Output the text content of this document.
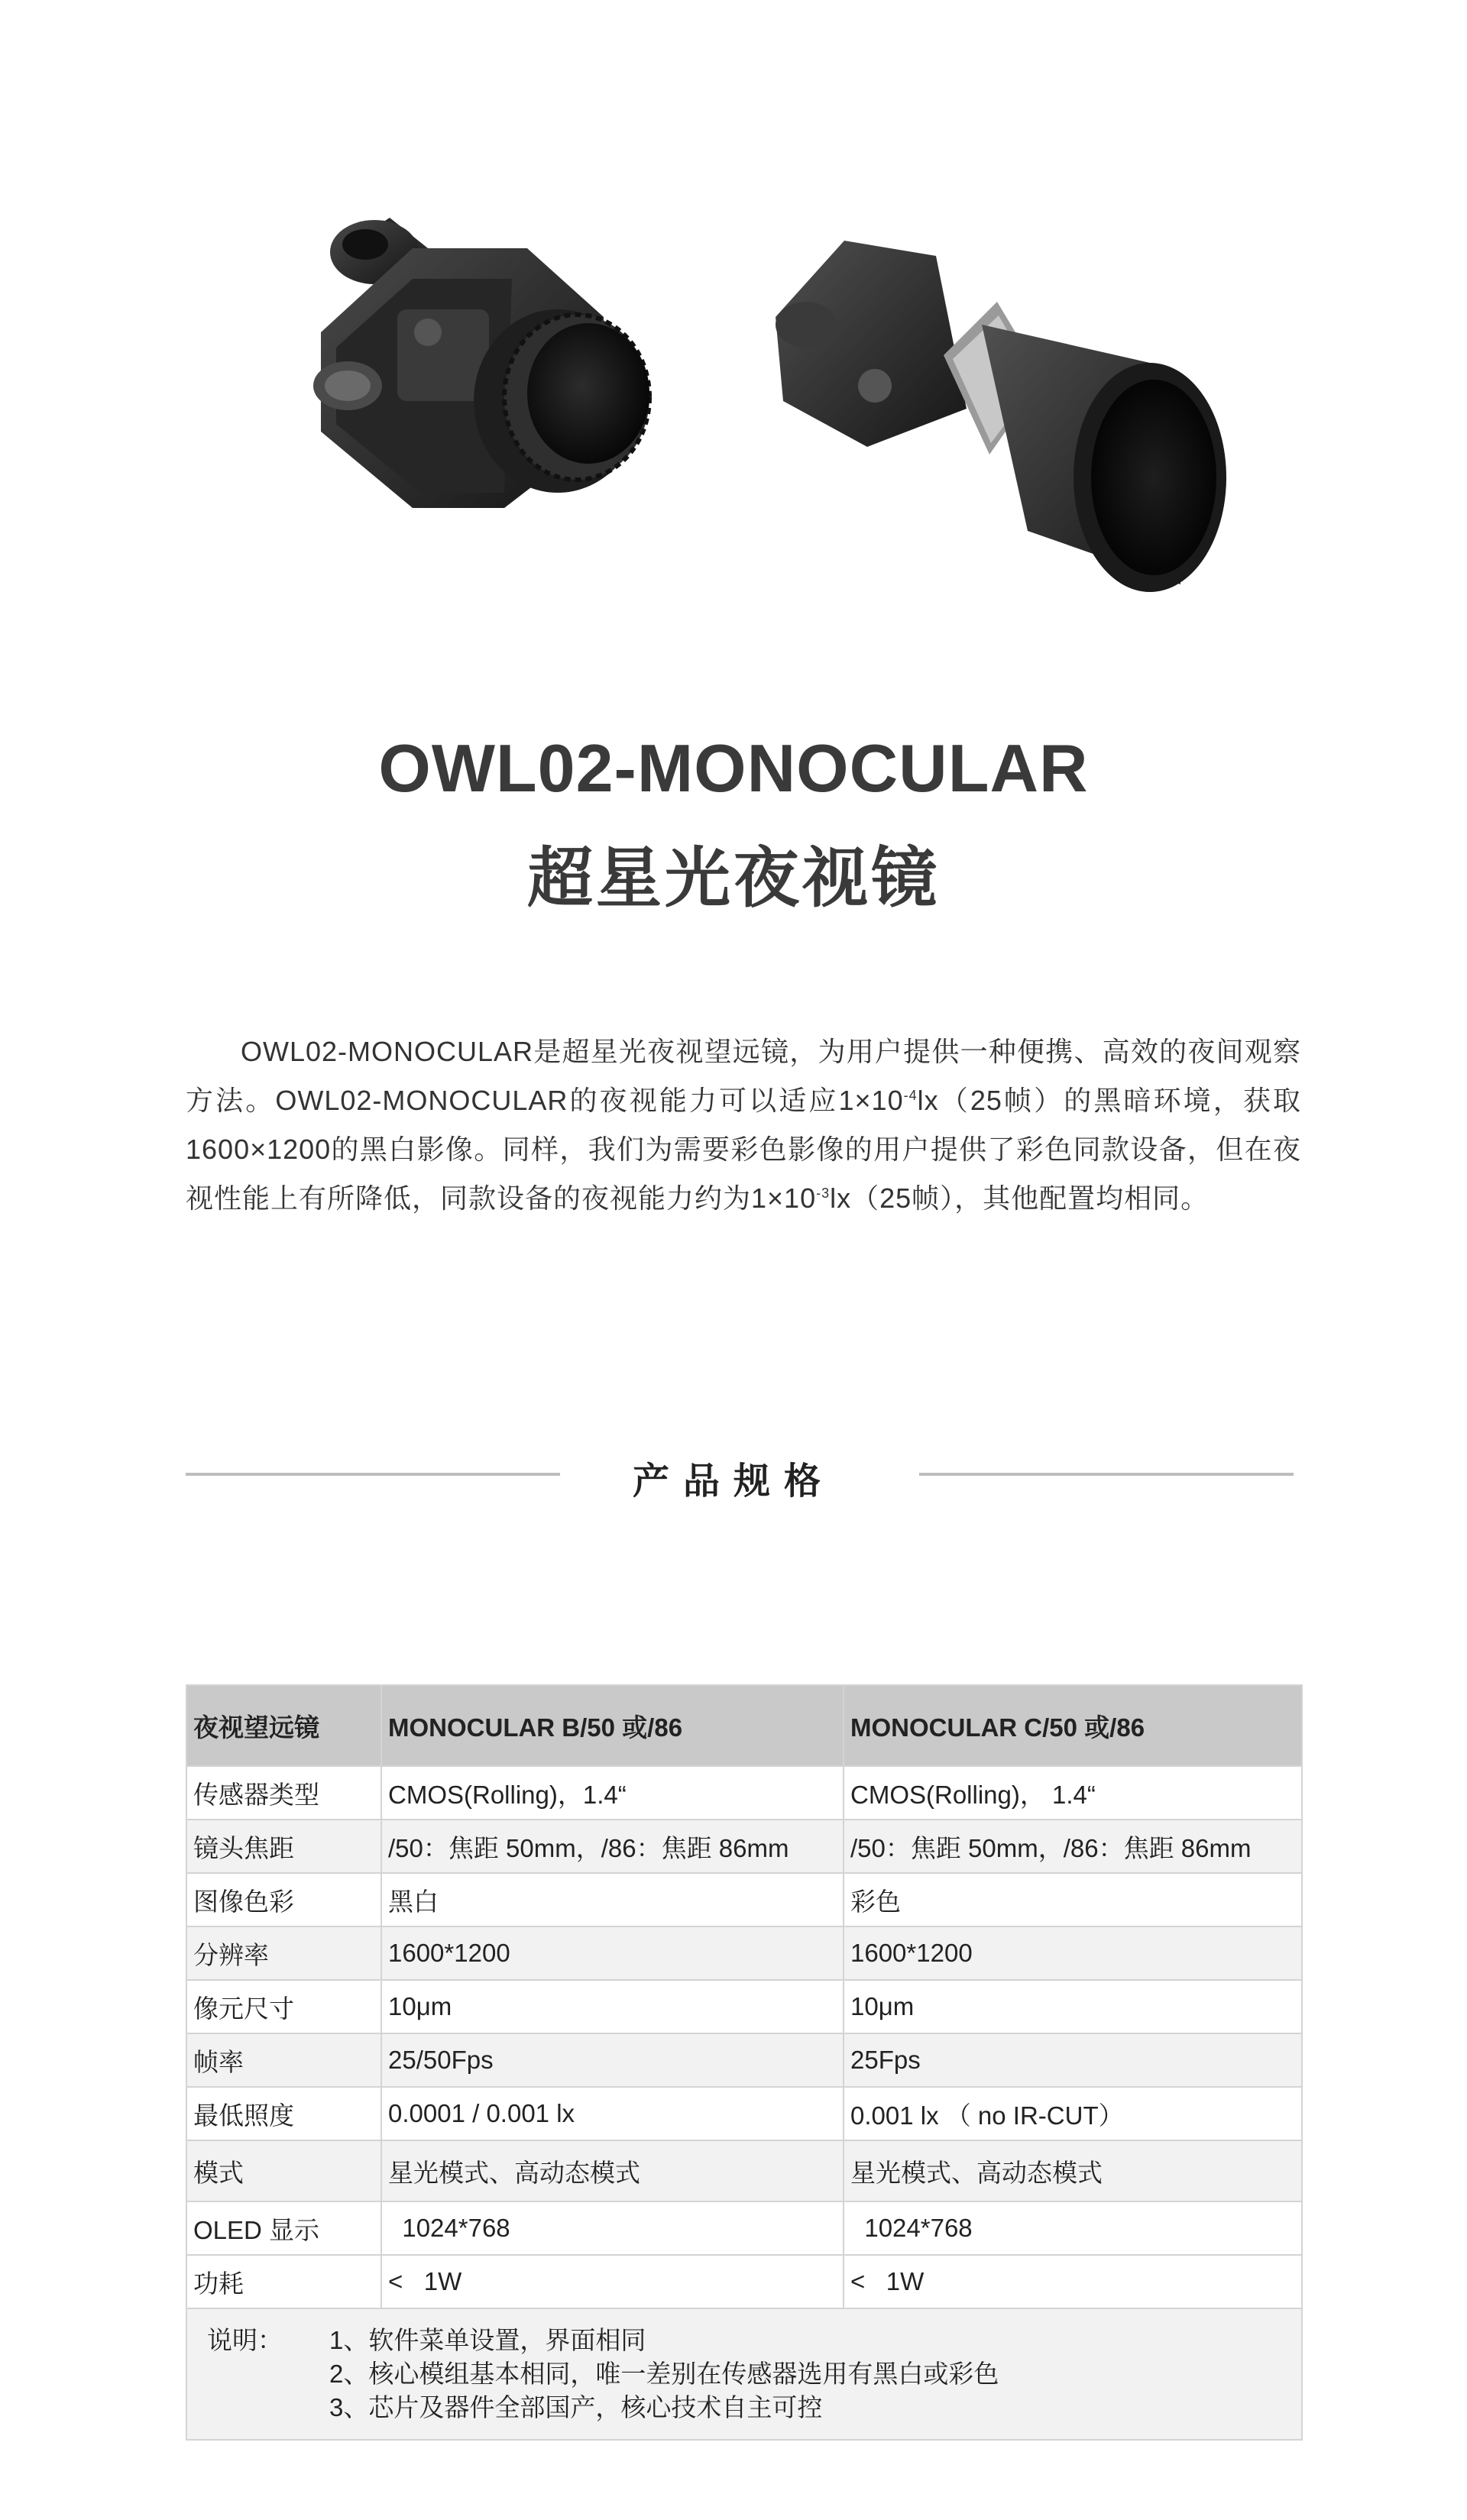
OWL02-MONOCULAR
超星光夜视镜
OWL02-MONOCULAR是超星光夜视望远镜，为用户提供一种便携、高效的夜间观察方法。OWL02-MONOCULAR的夜视能力可以适应$1\times 10^{-4}lx(25$帧）的黑暗环境，获取1600×1200的黑白影像。同样，我们为需要彩色影像的用户提供了彩色同款设备，但在夜视性能上有所降低，同款设备的夜视能力约为$1\times 10^{-3}lx(25$帧），其他配置均相同。
产品规格
夜视望远镜	MONOCULAR B/50 或/86	MONOCULAR C/50 或/86
传感器类型	CMOS(Rolling)，1.4“	CMOS(Rolling)， 1.4“
镜头焦距	/50：焦距 50mm，/86：焦距 86mm	/50：焦距 50mm，/86：焦距 86mm
图像色彩	黑白	彩色
分辨率	1600*1200	1600*1200
像元尺寸	10μm	10μm
帧率	25/50Fps	25Fps
最低照度	0.0001 / 0.001 lx	0.001 lx （ no IR-CUT）
模式	星光模式、高动态模式	星光模式、高动态模式
OLED 显示	1024*768	1024*768
功耗	<   1W	<   1W

说明： 1、软件菜单设置，界面相同
2、核心模组基本相同，唯一差别在传感器选用有黑白或彩色
3、芯片及器件全部国产，核心技术自主可控		
